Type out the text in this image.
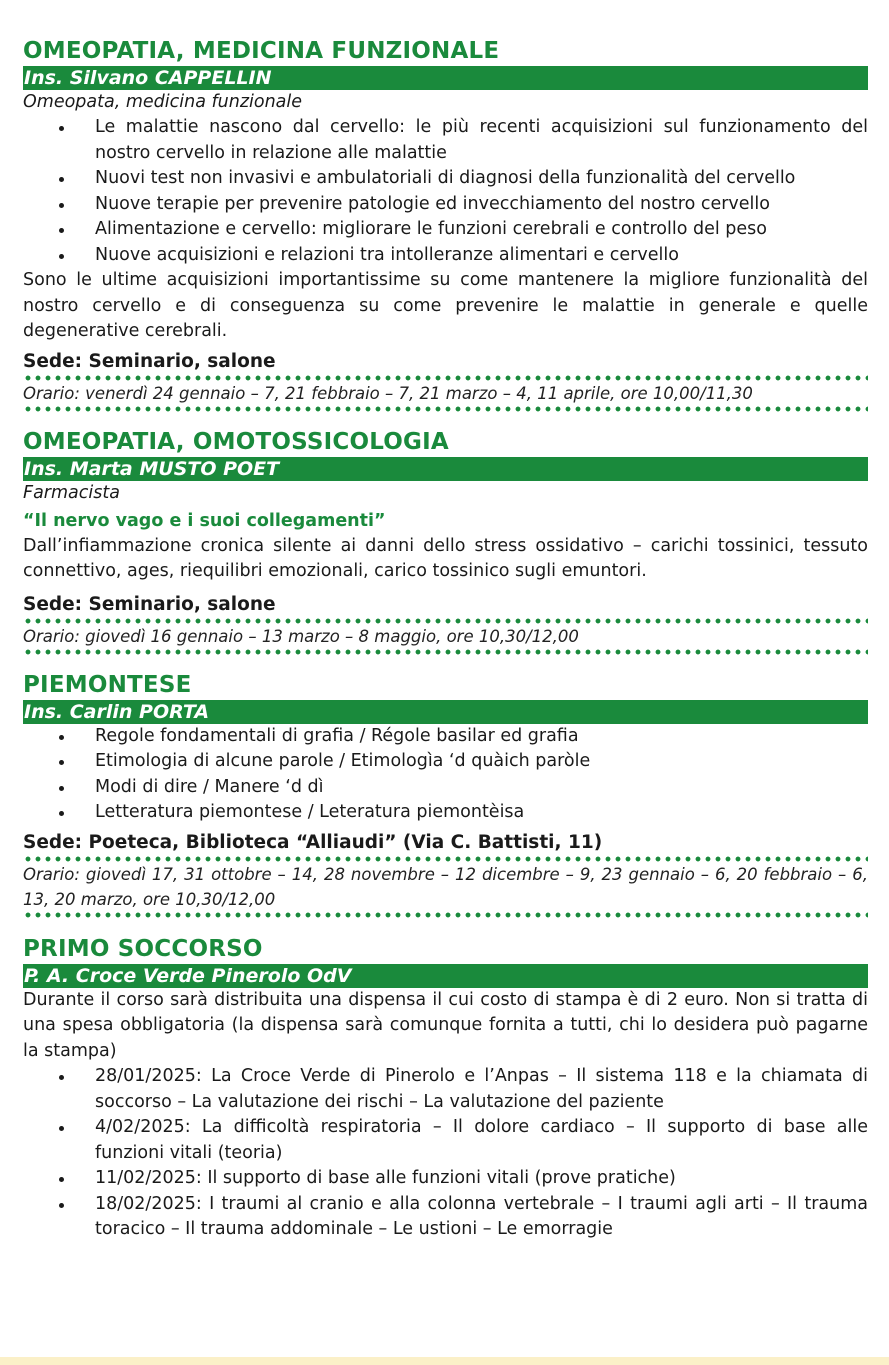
OMEOPATIA, MEDICINA FUNZIONALE
Ins. Silvano CAPPELLIN
Omeopata, medicina funzionale
Le malattie nascono dal cervello: le più recenti acquisizioni sul funzionamento del nostro cervello in relazione alle malattie
Nuovi test non invasivi e ambulatoriali di diagnosi della funzionalità del cervello
Nuove terapie per prevenire patologie ed invecchiamento del nostro cervello
Alimentazione e cervello: migliorare le funzioni cerebrali e controllo del peso
Nuove acquisizioni e relazioni tra intolleranze alimentari e cervello
Sono le ultime acquisizioni importantissime su come mantenere la migliore funzionalità del nostro cervello e di conseguenza su come prevenire le malattie in generale e quelle degenerative cerebrali.
Sede: Seminario, salone
Orario: venerdì 24 gennaio – 7, 21 febbraio – 7, 21 marzo – 4, 11 aprile, ore 10,00/11,30
OMEOPATIA, OMOTOSSICOLOGIA
Ins. Marta MUSTO POET
Farmacista
“Il nervo vago e i suoi collegamenti”
Dall’infiammazione cronica silente ai danni dello stress ossidativo – carichi tossinici, tessuto connettivo, ages, riequilibri emozionali, carico tossinico sugli emuntori.
Sede: Seminario, salone
Orario: giovedì 16 gennaio – 13 marzo – 8 maggio, ore 10,30/12,00
PIEMONTESE
Ins. Carlin PORTA
Regole fondamentali di grafia / Régole basilar ed grafia
Etimologia di alcune parole / Etimologìa ‘d quàich paròle
Modi di dire / Manere ‘d dì
Letteratura piemontese / Leteratura piemontèisa
Sede: Poeteca, Biblioteca “Alliaudi” (Via C. Battisti, 11)
Orario: giovedì 17, 31 ottobre – 14, 28 novembre – 12 dicembre – 9, 23 gennaio – 6, 20 febbraio – 6, 13, 20 marzo, ore 10,30/12,00
PRIMO SOCCORSO
P. A. Croce Verde Pinerolo OdV
Durante il corso sarà distribuita una dispensa il cui costo di stampa è di 2 euro. Non si tratta di una spesa obbligatoria (la dispensa sarà comunque fornita a tutti, chi lo desidera può pagarne la stampa)
28/01/2025: La Croce Verde di Pinerolo e l’Anpas – Il sistema 118 e la chiamata di soccorso – La valutazione dei rischi – La valutazione del paziente
4/02/2025: La difficoltà respiratoria – Il dolore cardiaco – Il supporto di base alle funzioni vitali (teoria)
11/02/2025: Il supporto di base alle funzioni vitali (prove pratiche)
18/02/2025: I traumi al cranio e alla colonna vertebrale – I traumi agli arti – Il trauma toracico – Il trauma addominale – Le ustioni – Le emorragie
